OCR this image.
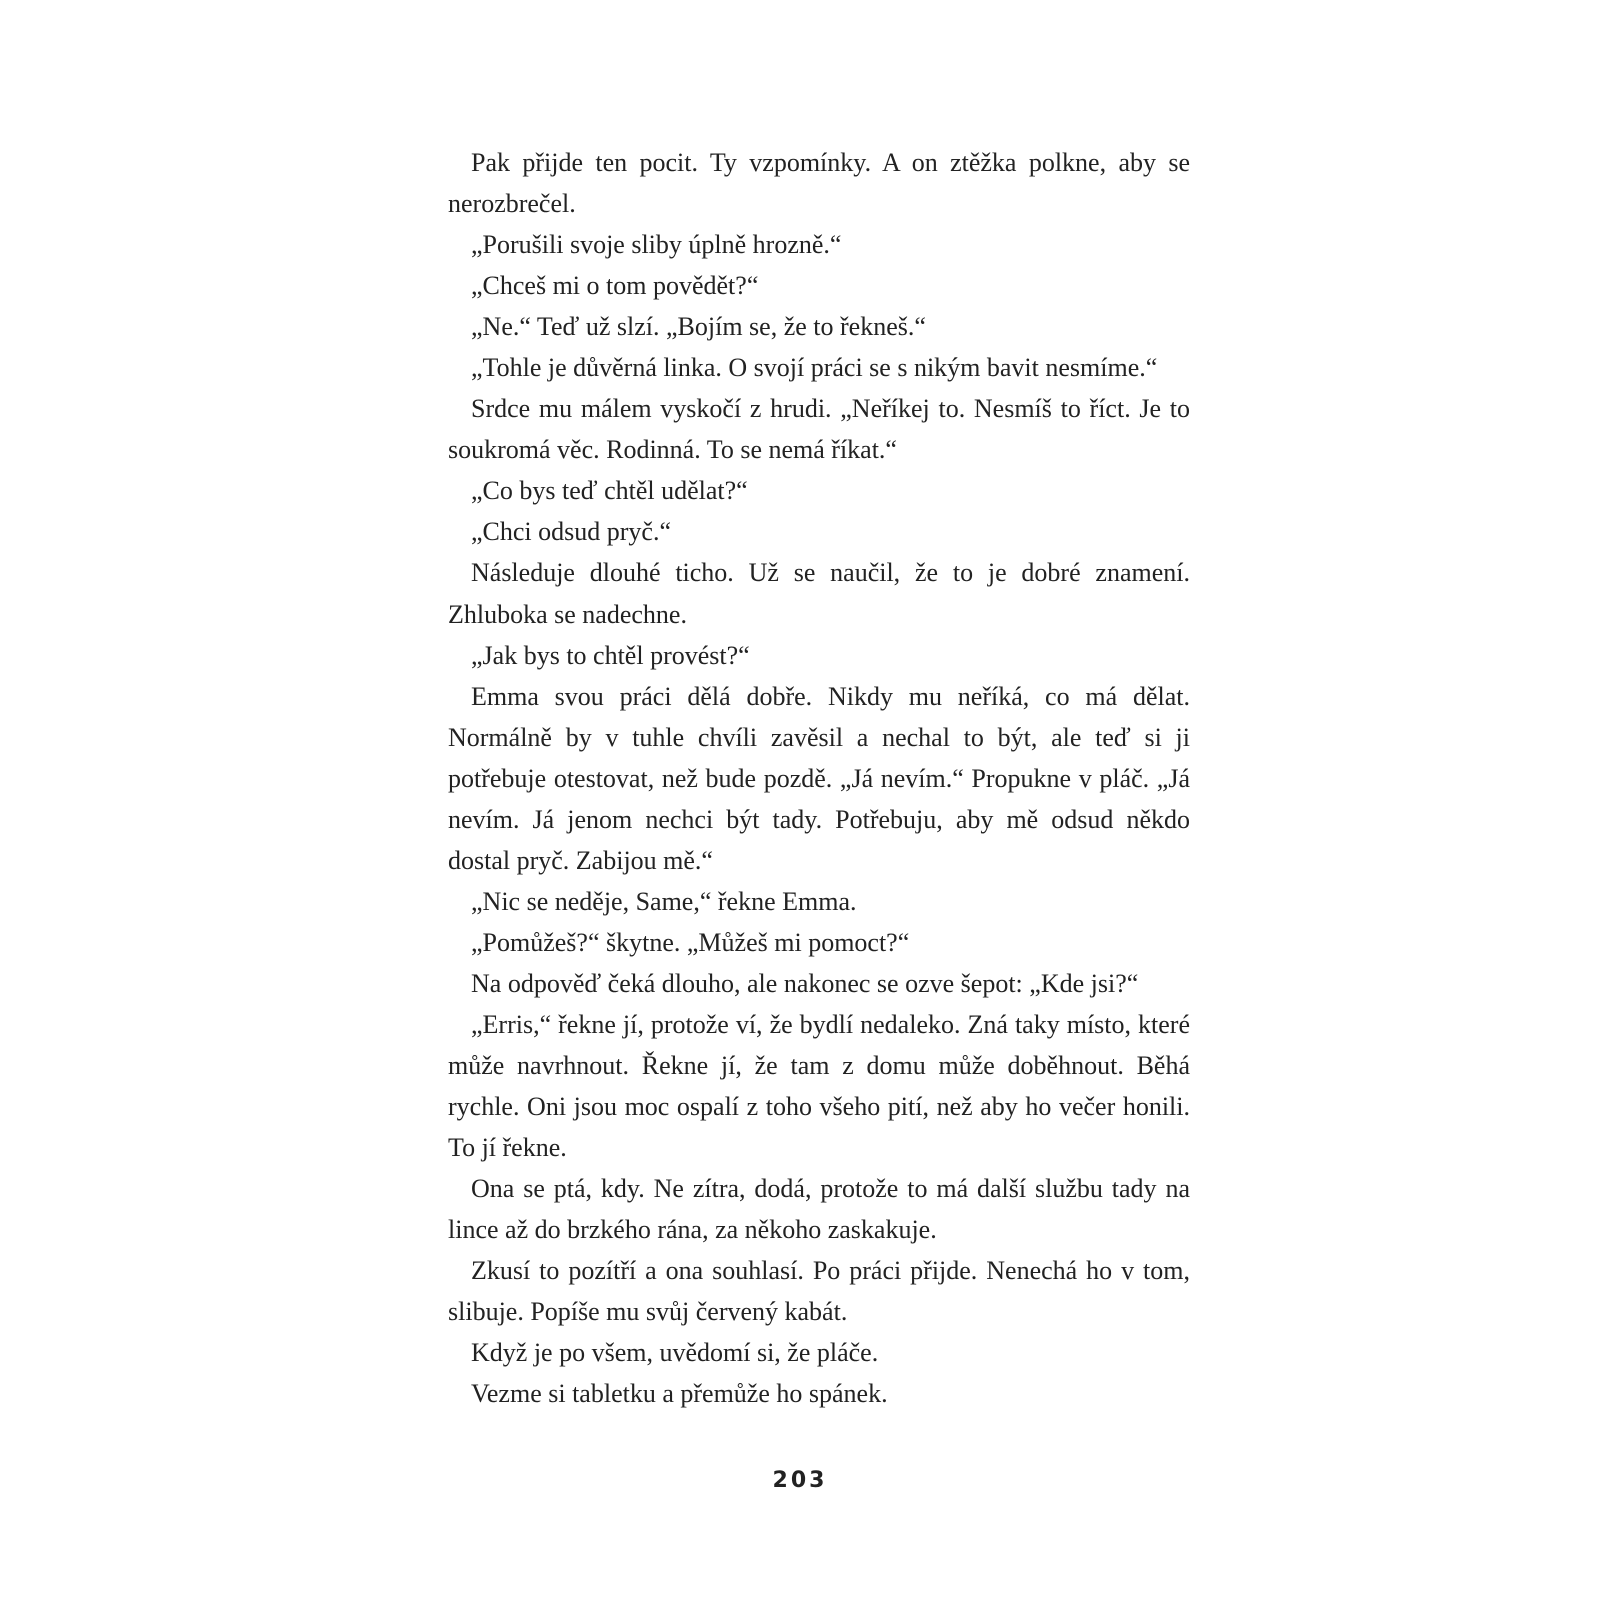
Pak přijde ten pocit. Ty vzpomínky. A on ztěžka polkne, aby se nerozbrečel.

„Porušili svoje sliby úplně hrozně.“

„Chceš mi o tom povědět?“

„Ne.“ Teď už slzí. „Bojím se, že to řekneš.“

„Tohle je důvěrná linka. O svojí práci se s nikým bavit nesmíme.“

Srdce mu málem vyskočí z hrudi. „Neříkej to. Nesmíš to říct. Je to soukromá věc. Rodinná. To se nemá říkat.“

„Co bys teď chtěl udělat?“

„Chci odsud pryč.“

Následuje dlouhé ticho. Už se naučil, že to je dobré znamení. Zhluboka se nadechne.

„Jak bys to chtěl provést?“

Emma svou práci dělá dobře. Nikdy mu neříká, co má dělat. Normálně by v tuhle chvíli zavěsil a nechal to být, ale teď si ji potřebuje otestovat, než bude pozdě. „Já nevím.“ Propukne v pláč. „Já nevím. Já jenom nechci být tady. Potřebuju, aby mě odsud někdo dostal pryč. Zabijou mě.“

„Nic se neděje, Same,“ řekne Emma.

„Pomůžeš?“ škytne. „Můžeš mi pomoct?“

Na odpověď čeká dlouho, ale nakonec se ozve šepot: „Kde jsi?“

„Erris,“ řekne jí, protože ví, že bydlí nedaleko. Zná taky místo, které může navrhnout. Řekne jí, že tam z domu může doběhnout. Běhá rychle. Oni jsou moc ospalí z toho všeho pití, než aby ho večer honili. To jí řekne.

Ona se ptá, kdy. Ne zítra, dodá, protože to má další službu tady na lince až do brzkého rána, za někoho zaskakuje.

Zkusí to pozítří a ona souhlasí. Po práci přijde. Nenechá ho v tom, slibuje. Popíše mu svůj červený kabát.

Když je po všem, uvědomí si, že pláče.

Vezme si tabletku a přemůže ho spánek.

203
